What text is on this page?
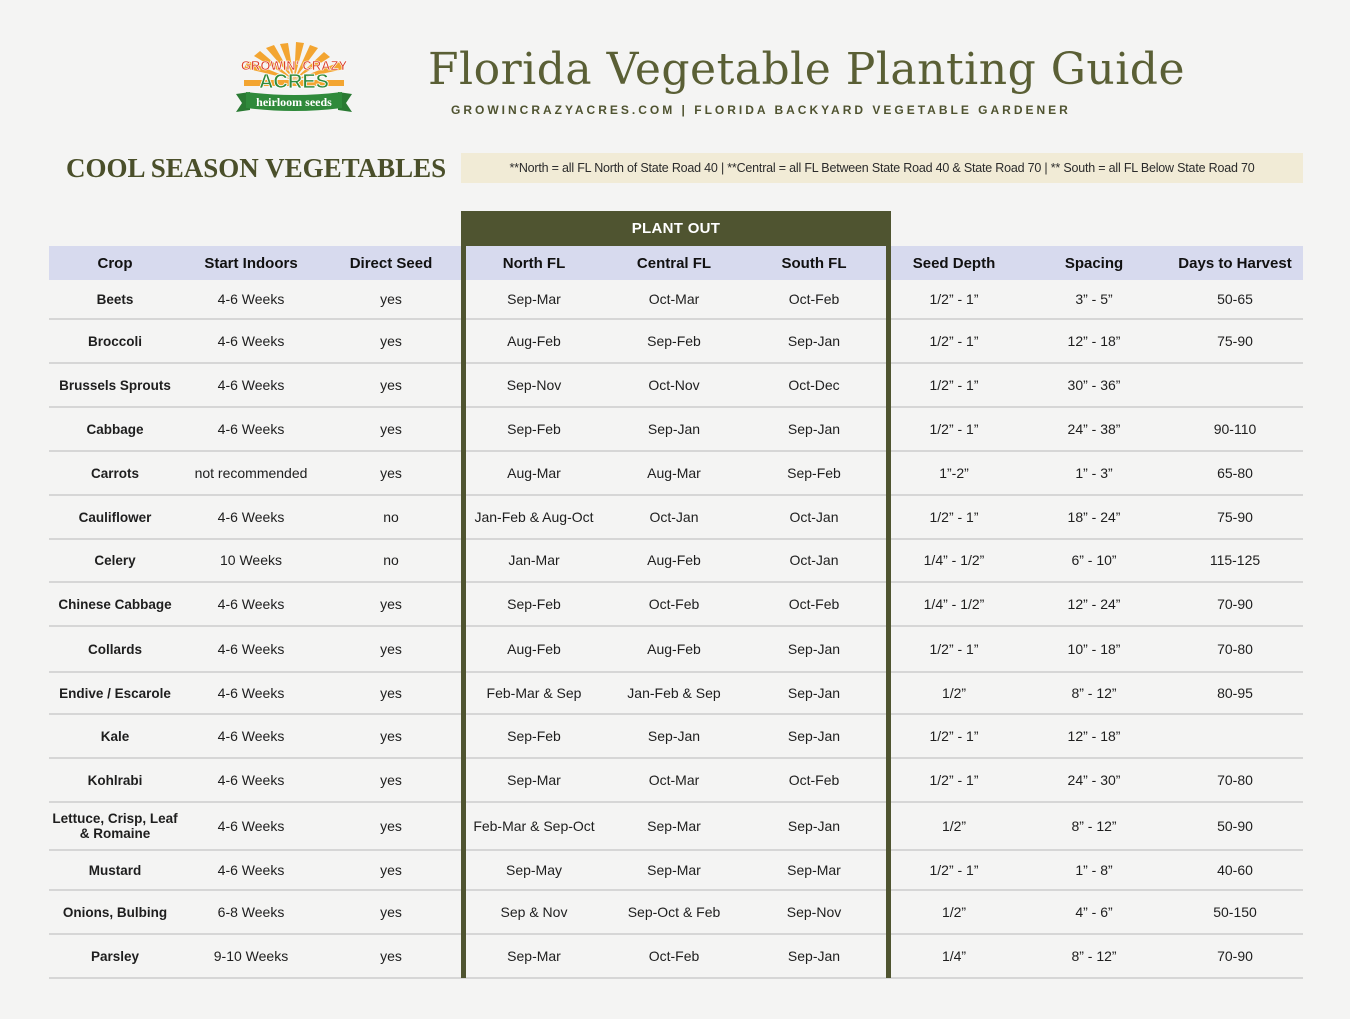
GROWIN' CRAZY
ACRES
heirloom seeds
Florida Vegetable Planting Guide
GROWINCRAZYACRES.COM | FLORIDA BACKYARD VEGETABLE GARDENER
COOL SEASON VEGETABLES	**North = all FL North of State Road 40 | **Central = all FL Between State Road 40 & State Road 70 | ** South = all FL Below State Road 70
PLANT OUT
Crop	Start Indoors	Direct Seed	North FL	Central FL	South FL	Seed Depth	Spacing	Days to Harvest
Beets	4-6 Weeks	yes	Sep-Mar	Oct-Mar	Oct-Feb	1/2” - 1”	3” - 5”	50-65
Broccoli	4-6 Weeks	yes	Aug-Feb	Sep-Feb	Sep-Jan	1/2” - 1”	12” - 18”	75-90
Brussels Sprouts	4-6 Weeks	yes	Sep-Nov	Oct-Nov	Oct-Dec	1/2” - 1”	30” - 36”
Cabbage	4-6 Weeks	yes	Sep-Feb	Sep-Jan	Sep-Jan	1/2” - 1”	24” - 38”	90-110
Carrots	not recommended	yes	Aug-Mar	Aug-Mar	Sep-Feb	1”-2”	1” - 3”	65-80
Cauliflower	4-6 Weeks	no	Jan-Feb & Aug-Oct	Oct-Jan	Oct-Jan	1/2” - 1”	18” - 24”	75-90
Celery	10 Weeks	no	Jan-Mar	Aug-Feb	Oct-Jan	1/4” - 1/2”	6” - 10”	115-125
Chinese Cabbage	4-6 Weeks	yes	Sep-Feb	Oct-Feb	Oct-Feb	1/4” - 1/2”	12” - 24”	70-90
Collards	4-6 Weeks	yes	Aug-Feb	Aug-Feb	Sep-Jan	1/2” - 1”	10” - 18”	70-80
Endive / Escarole	4-6 Weeks	yes	Feb-Mar & Sep	Jan-Feb & Sep	Sep-Jan	1/2”	8” - 12”	80-95
Kale	4-6 Weeks	yes	Sep-Feb	Sep-Jan	Sep-Jan	1/2” - 1”	12” - 18”
Kohlrabi	4-6 Weeks	yes	Sep-Mar	Oct-Mar	Oct-Feb	1/2” - 1”	24” - 30”	70-80
Lettuce, Crisp, Leaf & Romaine	4-6 Weeks	yes	Feb-Mar & Sep-Oct	Sep-Mar	Sep-Jan	1/2”	8” - 12”	50-90
Mustard	4-6 Weeks	yes	Sep-May	Sep-Mar	Sep-Mar	1/2” - 1”	1” - 8”	40-60
Onions, Bulbing	6-8 Weeks	yes	Sep & Nov	Sep-Oct & Feb	Sep-Nov	1/2”	4” - 6”	50-150
Parsley	9-10 Weeks	yes	Sep-Mar	Oct-Feb	Sep-Jan	1/4”	8” - 12”	70-90
